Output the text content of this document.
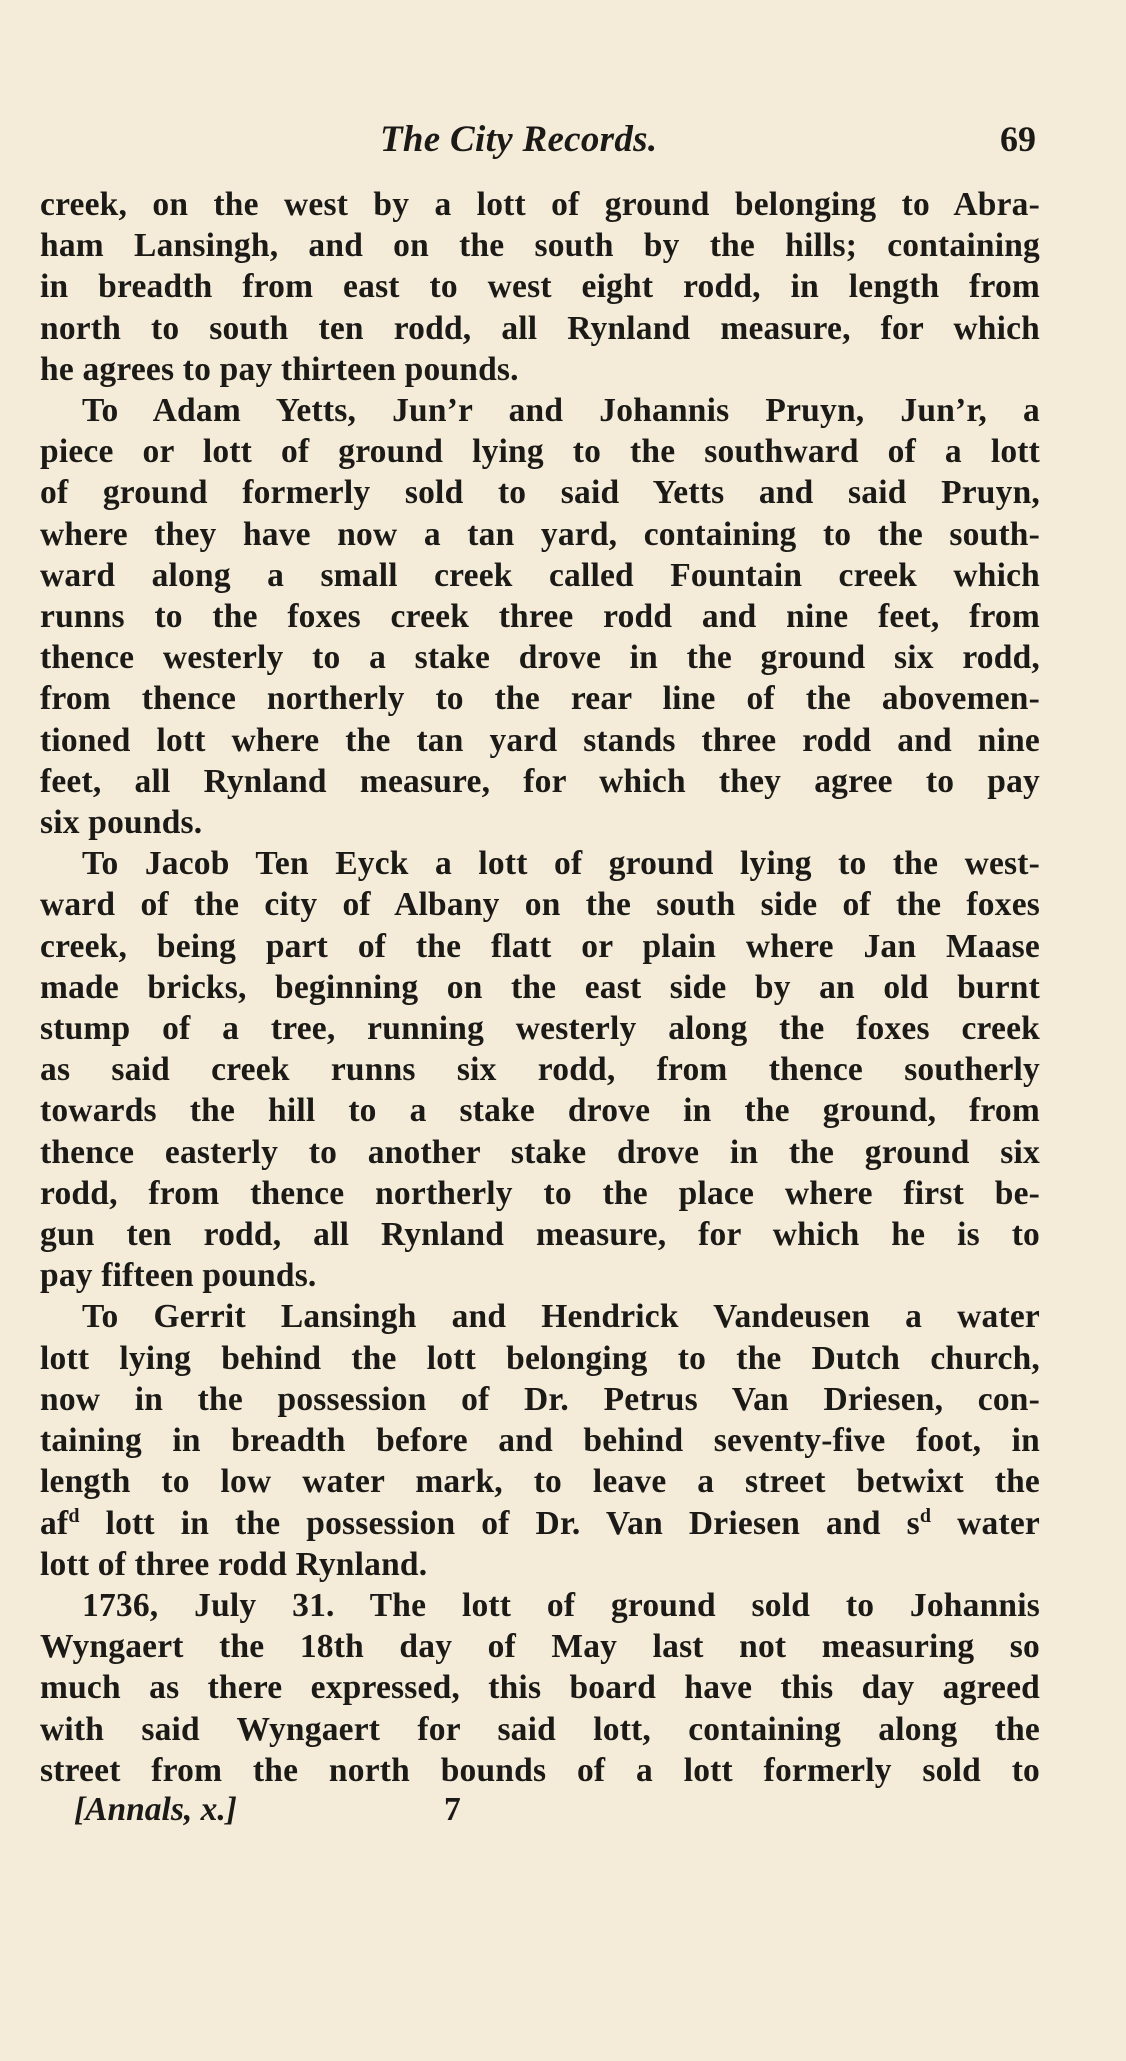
The City Records.	69
creek, on the west by a lott of ground belonging to Abra-
ham Lansingh, and on the south by the hills; containing
in breadth from east to west eight rodd, in length from
north to south ten rodd, all Rynland measure, for which
he agrees to pay thirteen pounds.
To Adam Yetts, Jun’r and Johannis Pruyn, Jun’r, a
piece or lott of ground lying to the southward of a lott
of ground formerly sold to said Yetts and said Pruyn,
where they have now a tan yard, containing to the south-
ward along a small creek called Fountain creek which
runns to the foxes creek three rodd and nine feet, from
thence westerly to a stake drove in the ground six rodd,
from thence northerly to the rear line of the abovemen-
tioned lott where the tan yard stands three rodd and nine
feet, all Rynland measure, for which they agree to pay
six pounds.
To Jacob Ten Eyck a lott of ground lying to the west-
ward of the city of Albany on the south side of the foxes
creek, being part of the flatt or plain where Jan Maase
made bricks, beginning on the east side by an old burnt
stump of a tree, running westerly along the foxes creek
as said creek runns six rodd, from thence southerly
towards the hill to a stake drove in the ground, from
thence easterly to another stake drove in the ground six
rodd, from thence northerly to the place where first be-
gun ten rodd, all Rynland measure, for which he is to
pay fifteen pounds.
To Gerrit Lansingh and Hendrick Vandeusen a water
lott lying behind the lott belonging to the Dutch church,
now in the possession of Dr. Petrus Van Driesen, con-
taining in breadth before and behind seventy-five foot, in
length to low water mark, to leave a street betwixt the
$af^d$ lott in the possession of Dr. Van Driesen and $s^d$ water
lott of three rodd Rynland.
1736, July 31. The lott of ground sold to Johannis
Wyngaert the 18th day of May last not measuring so
much as there expressed, this board have this day agreed
with said Wyngaert for said lott, containing along the
street from the north bounds of a lott formerly sold to
[Annals, x.]	7
